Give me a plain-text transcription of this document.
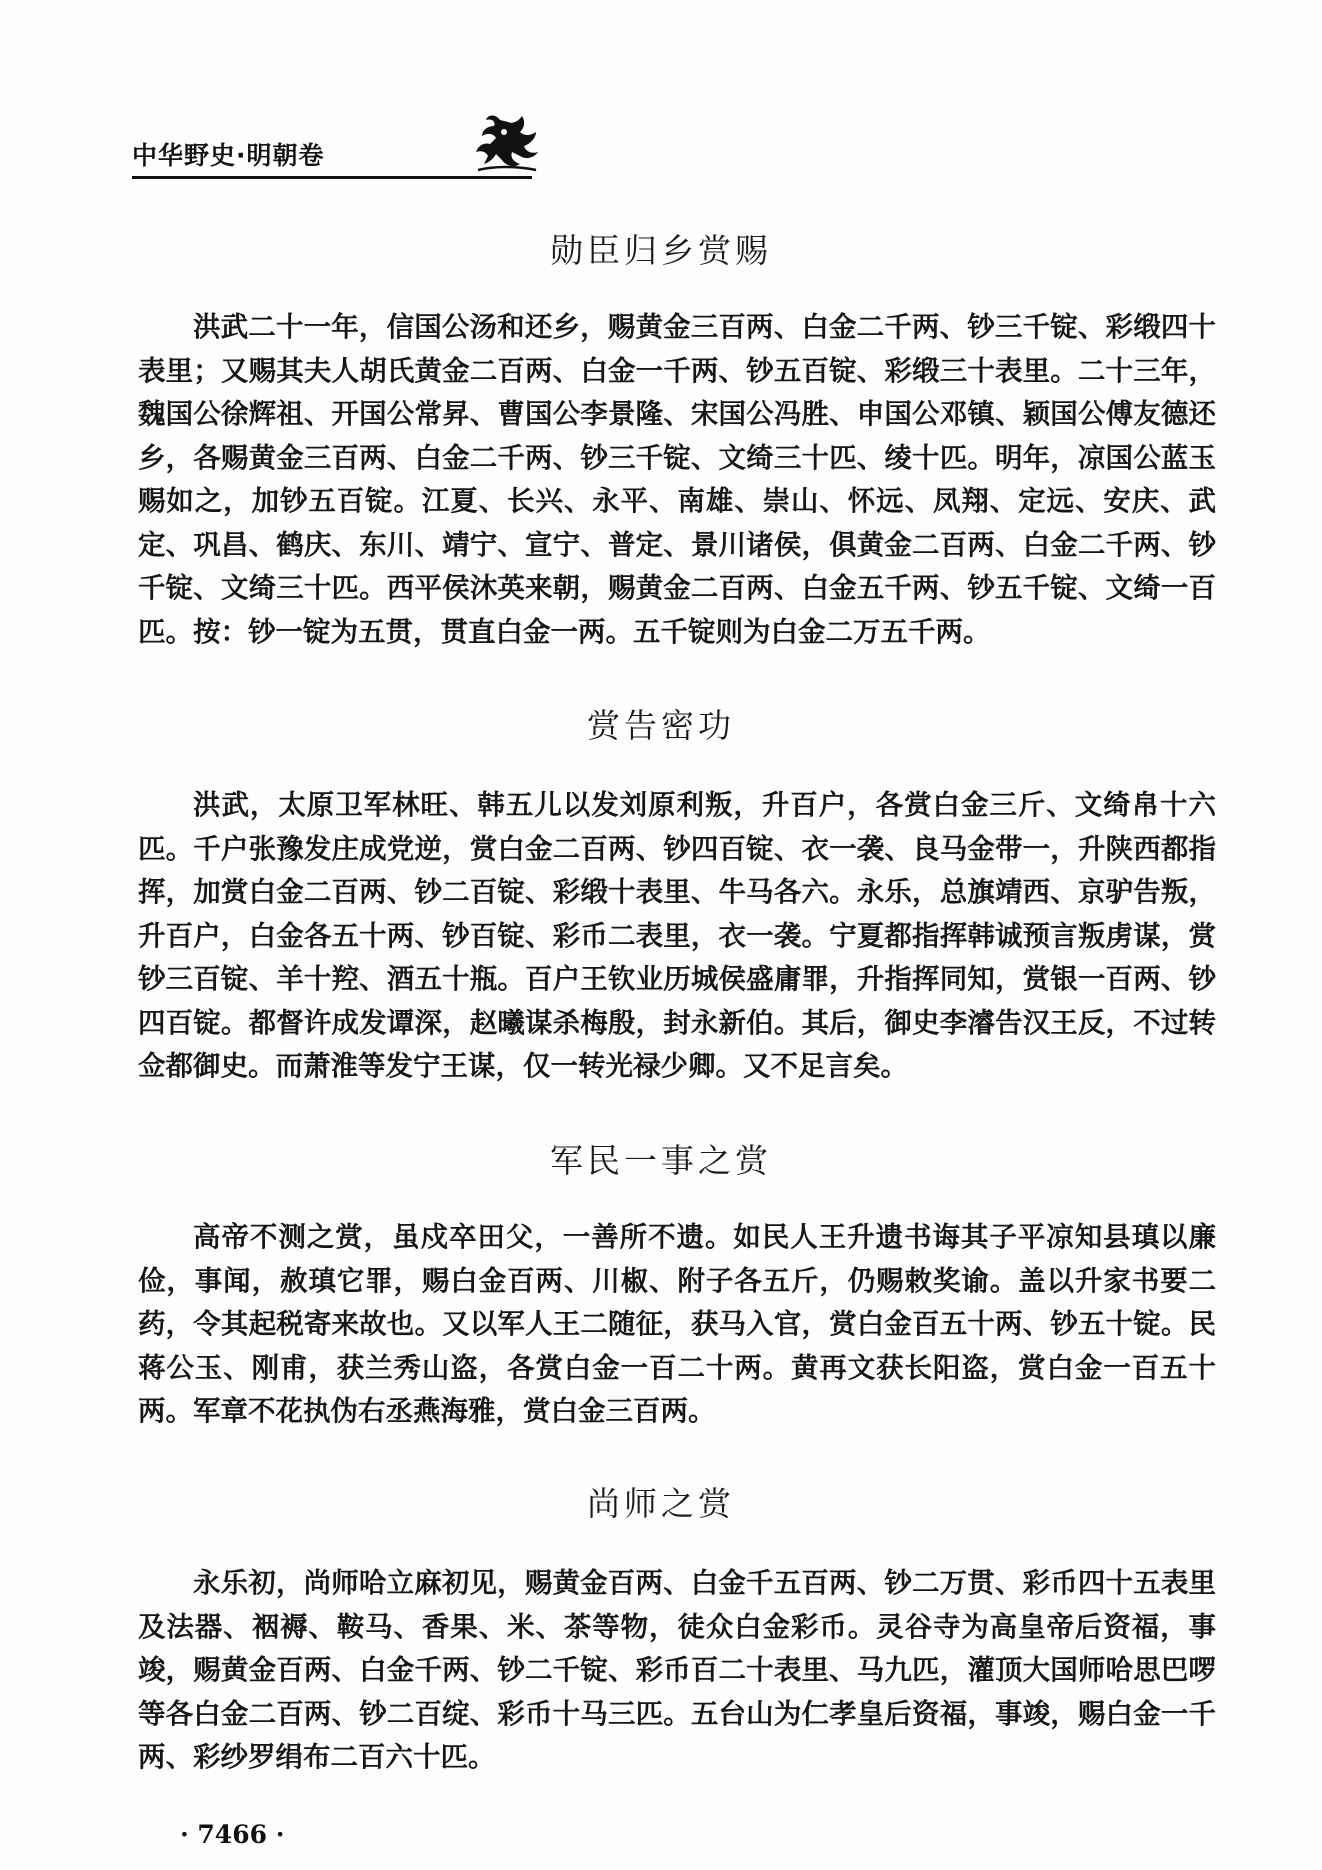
中华野史·明朝卷
勋臣归乡赏赐

洪武二十一年，信国公汤和还乡，赐黄金三百两、白金二千两、钞三千锭、彩缎四十表里；又赐其夫人胡氏黄金二百两、白金一千两、钞五百锭、彩缎三十表里。二十三年，魏国公徐辉祖、开国公常昇、曹国公李景隆、宋国公冯胜、申国公邓镇、颖国公傅友德还乡，各赐黄金三百两、白金二千两、钞三千锭、文绮三十匹、绫十匹。明年，凉国公蓝玉赐如之，加钞五百锭。江夏、长兴、永平、南雄、崇山、怀远、凤翔、定远、安庆、武定、巩昌、鹤庆、东川、靖宁、宣宁、普定、景川诸侯，俱黄金二百两、白金二千两、钞千锭、文绮三十匹。西平侯沐英来朝，赐黄金二百两、白金五千两、钞五千锭、文绮一百匹。按：钞一锭为五贯，贯直白金一两。五千锭则为白金二万五千两。

赏告密功

洪武，太原卫军林旺、韩五儿以发刘原利叛，升百户，各赏白金三斤、文绮帛十六匹。千户张豫发庄成党逆，赏白金二百两、钞四百锭、衣一袭、良马金带一，升陕西都指挥，加赏白金二百两、钞二百锭、彩缎十表里、牛马各六。永乐，总旗靖西、京驴告叛，升百户，白金各五十两、钞百锭、彩币二表里，衣一袭。宁夏都指挥韩诚预言叛虏谋，赏钞三百锭、羊十羫、酒五十瓶。百户王钦业历城侯盛庸罪，升指挥同知，赏银一百两、钞四百锭。都督许成发谭深，赵曦谋杀梅殷，封永新伯。其后，御史李濬告汉王反，不过转佥都御史。而萧淮等发宁王谋，仅一转光禄少卿。又不足言矣。

军民一事之赏

高帝不测之赏，虽戍卒田父，一善所不遗。如民人王升遗书诲其子平凉知县瑱以廉俭，事闻，赦瑱它罪，赐白金百两、川椒、附子各五斤，仍赐敕奖谕。盖以升家书要二药，令其起税寄来故也。又以军人王二随征，获马入官，赏白金百五十两、钞五十锭。民蒋公玉、刚甫，获兰秀山盗，各赏白金一百二十两。黄再文获长阳盗，赏白金一百五十两。军章不花执伪右丞燕海雅，赏白金三百两。

尚师之赏

永乐初，尚师哈立麻初见，赐黄金百两、白金千五百两、钞二万贯、彩币四十五表里及法器、裀褥、鞍马、香果、米、茶等物，徒众白金彩币。灵谷寺为高皇帝后资福，事竣，赐黄金百两、白金千两、钞二千锭、彩币百二十表里、马九匹，灌顶大国师哈思巴啰等各白金二百两、钞二百绽、彩币十马三匹。五台山为仁孝皇后资福，事竣，赐白金一千两、彩纱罗绢布二百六十匹。

· 7466 ·
